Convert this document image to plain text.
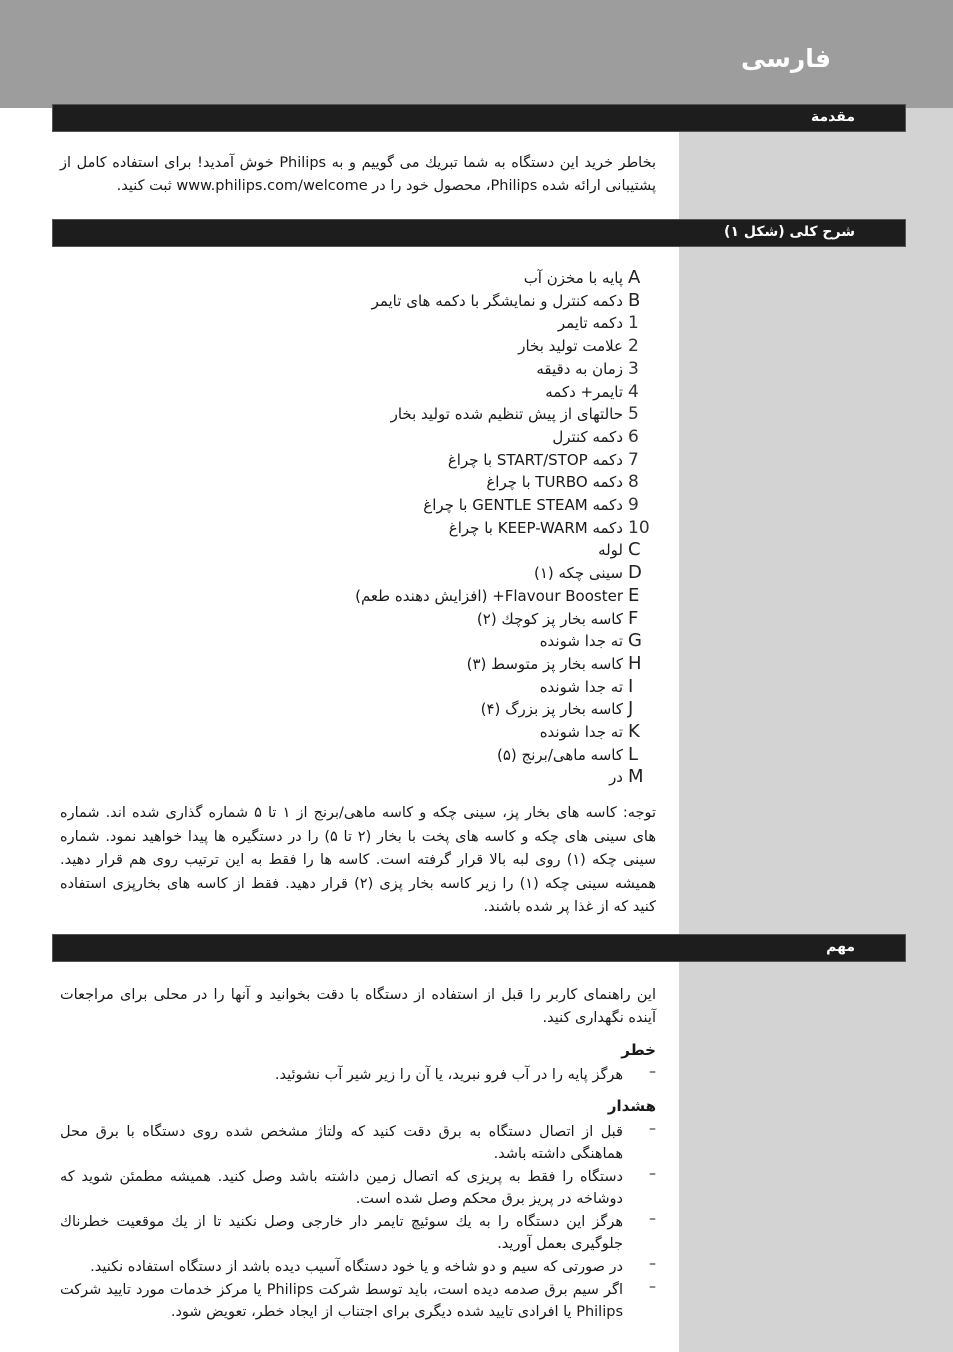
فارسی
مقدمة
بخاطر خرید این دستگاه به شما تبریك می گوییم و به Philips خوش آمدید! برای استفاده كامل از پشتیبانی ارائه شده Philips، محصول خود را در www.philips.com/welcome ثبت کنید.
شرح کلی (شکل ۱)
A
پایه با مخزن آب
B
دكمه كنترل و نمایشگر با دكمه های تایمر
1
دکمه تایمر
2
علامت تولید بخار
3
زمان به دقیقه
4
تایمر+ دكمه
5
حالتهای از پیش تنظیم شده تولید بخار
6
دکمه کنترل
7
دكمه START/STOP با چراغ
8
دكمه TURBO با چراغ
9
دكمه GENTLE STEAM با چراغ
10
دكمه KEEP-WARM با چراغ
C
لوله
D
سینی چکه (۱)
E
Flavour Booster+ (افزایش دهنده طعم)
F
کاسه بخار پز کوچك (۲)
G
ته جدا شونده
H
کاسه بخار پز متوسط (۳)
I
ته جدا شونده
J
کاسه بخار پز بزرگ (۴)
K
ته جدا شونده
L
کاسه ماهی/برنج (۵)
M
در
توجه: کاسه های بخار پز، سینی چکه و كاسه ماهی/برنج از ۱ تا ۵ شماره گذاری شده اند. شماره های سینی های چکه و کاسه های پخت با بخار (۲ تا ۵) را در دستگیره ها پیدا خواهید نمود. شماره سینی چکه (۱) روی لبه بالا قرار گرفته است. کاسه ها را فقط به این ترتیب روی هم قرار دهید. همیشه سینی چکه (۱) را زیر کاسه بخار پزی (۲) قرار دهید. فقط از کاسه های بخارپزی استفاده کنید که از غذا پر شده باشند.
مهم
این راهنمای کاربر را قبل از استفاده از دستگاه با دقت بخوانید و آنها را در محلی برای مراجعات آینده نگهداری كنید.
خطر
–
هرگز پایه را در آب فرو نبرید، یا آن را زیر شیر آب نشوئید.
هشدار
–
قبل از اتصال دستگاه به برق دقت کنید که ولتاژ مشخص شده روی دستگاه با برق محل هماهنگی داشته باشد.
–
دستگاه را فقط به پریزی که اتصال زمین داشته باشد وصل كنید. همیشه مطمئن شوید که دوشاخه در پریز برق محكم وصل شده است.
–
هرگز این دستگاه را به یك سوئیچ تایمر دار خارجی وصل نكنید تا از یك موقعیت خطرناك جلوگیری بعمل آورید.
–
در صورتی که سیم و دو شاخه و یا خود دستگاه آسیب دیده باشد از دستگاه استفاده نکنید.
–
اگر سیم برق صدمه دیده است، باید توسط شرکت Philips یا مركز خدمات مورد تایید شركت Philips یا افرادی تایید شده دیگری برای اجتناب از ایجاد خطر، تعویض شود.
